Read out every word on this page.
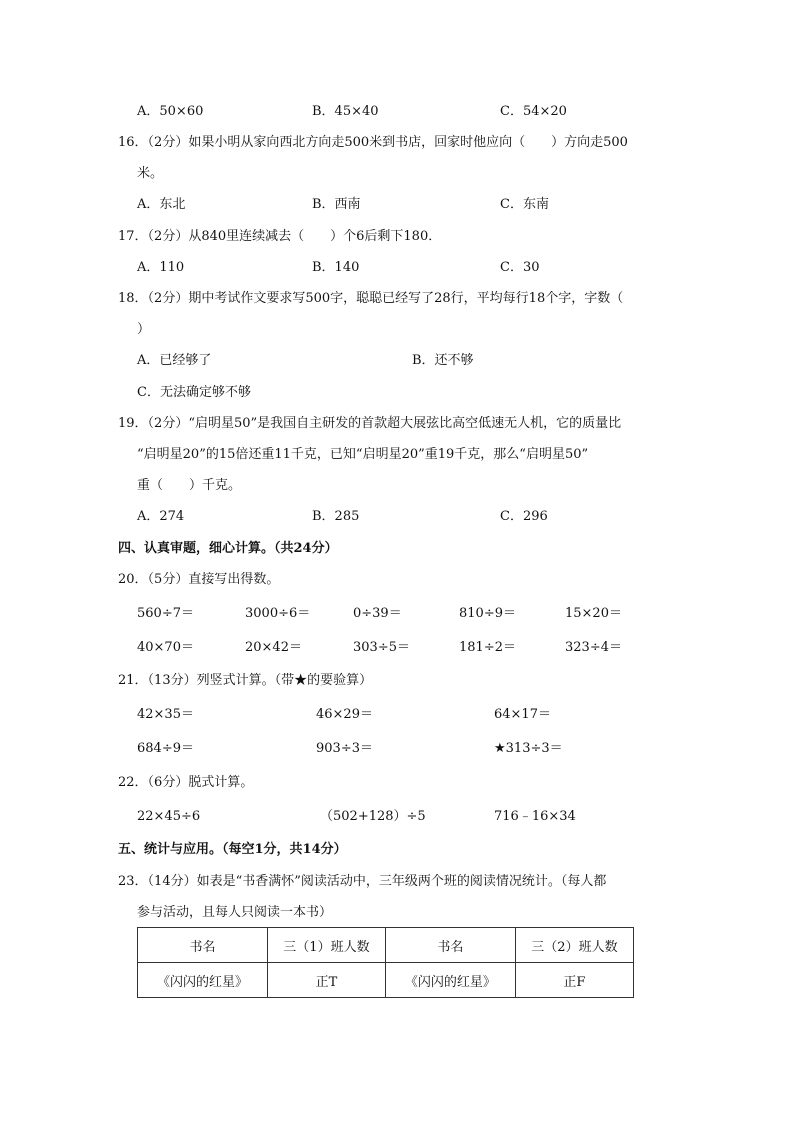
A．50×60	B．45×40	C．54×20
16．（2分）如果小明从家向西北方向走500米到书店，回家时他应向（　　）方向走500
米。
A．东北	B．西南	C．东南
17．（2分）从840里连续减去（　　）个6后剩下180．
A．110	B．140	C．30
18．（2分）期中考试作文要求写500字，聪聪已经写了28行，平均每行18个字，字数（
）
A．已经够了	B．还不够
C．无法确定够不够
19．（2分）“启明星50”是我国自主研发的首款超大展弦比高空低速无人机，它的质量比
“启明星20”的15倍还重11千克，已知“启明星20”重19千克，那么“启明星50”
重（　　）千克。
A．274	B．285	C．296
四、认真审题，细心计算。（共24分）
20．（5分）直接写出得数。
560÷7＝	3000÷6＝	0÷39＝	810÷9＝	15×20＝
40×70＝	20×42＝	303÷5＝	181÷2＝	323÷4＝
21．（13分）列竖式计算。（带★的要验算）
42×35＝	46×29＝	64×17＝
684÷9＝	903÷3＝	★313÷3＝
22．（6分）脱式计算。
22×45÷6	（502+128）÷5	716﹣16×34
五、统计与应用。（每空1分，共14分）
23．（14分）如表是“书香满怀”阅读活动中，三年级两个班的阅读情况统计。（每人都
参与活动，且每人只阅读一本书）
书名	三（1）班人数	书名	三（2）班人数
《闪闪的红星》	正T	《闪闪的红星》	正F
